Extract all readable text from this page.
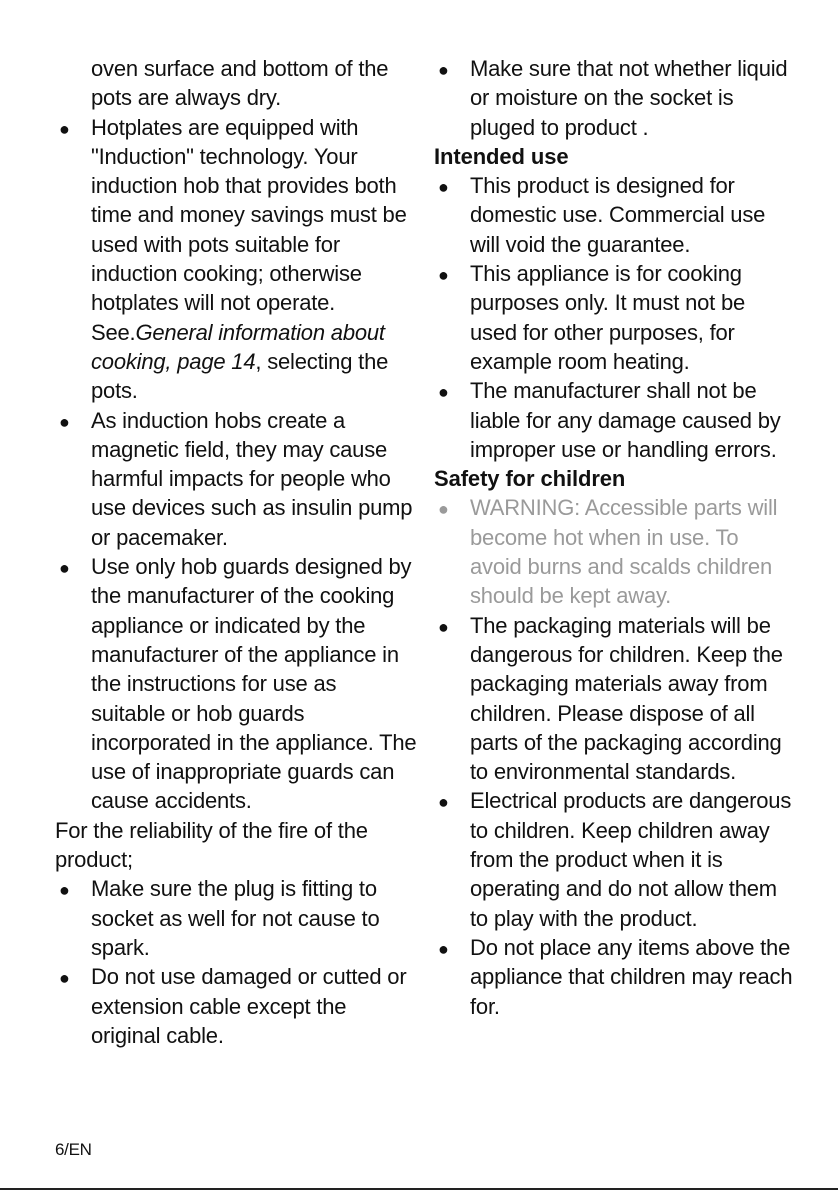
oven surface and bottom of the
pots are always dry.
● Hotplates are equipped with
"Induction" technology. Your
induction hob that provides both
time and money savings must be
used with pots suitable for
induction cooking; otherwise
hotplates will not operate.
See.General information about
cooking, page 14, selecting the
pots.
● As induction hobs create a
magnetic field, they may cause
harmful impacts for people who
use devices such as insulin pump
or pacemaker.
● Use only hob guards designed by
the manufacturer of the cooking
appliance or indicated by the
manufacturer of the appliance in
the instructions for use as
suitable or hob guards
incorporated in the appliance. The
use of inappropriate guards can
cause accidents.
For the reliability of the fire of the
product;
● Make sure the plug is fitting to
socket as well for not cause to
spark.
● Do not use damaged or cutted or
extension cable except the
original cable.
● Make sure that not whether liquid
or moisture on the socket is
pluged to product .
Intended use
● This product is designed for
domestic use. Commercial use
will void the guarantee.
● This appliance is for cooking
purposes only. It must not be
used for other purposes, for
example room heating.
● The manufacturer shall not be
liable for any damage caused by
improper use or handling errors.
Safety for children
● WARNING: Accessible parts will
become hot when in use. To
avoid burns and scalds children
should be kept away.
● The packaging materials will be
dangerous for children. Keep the
packaging materials away from
children. Please dispose of all
parts of the packaging according
to environmental standards.
● Electrical products are dangerous
to children. Keep children away
from the product when it is
operating and do not allow them
to play with the product.
● Do not place any items above the
appliance that children may reach
for.
6/EN
